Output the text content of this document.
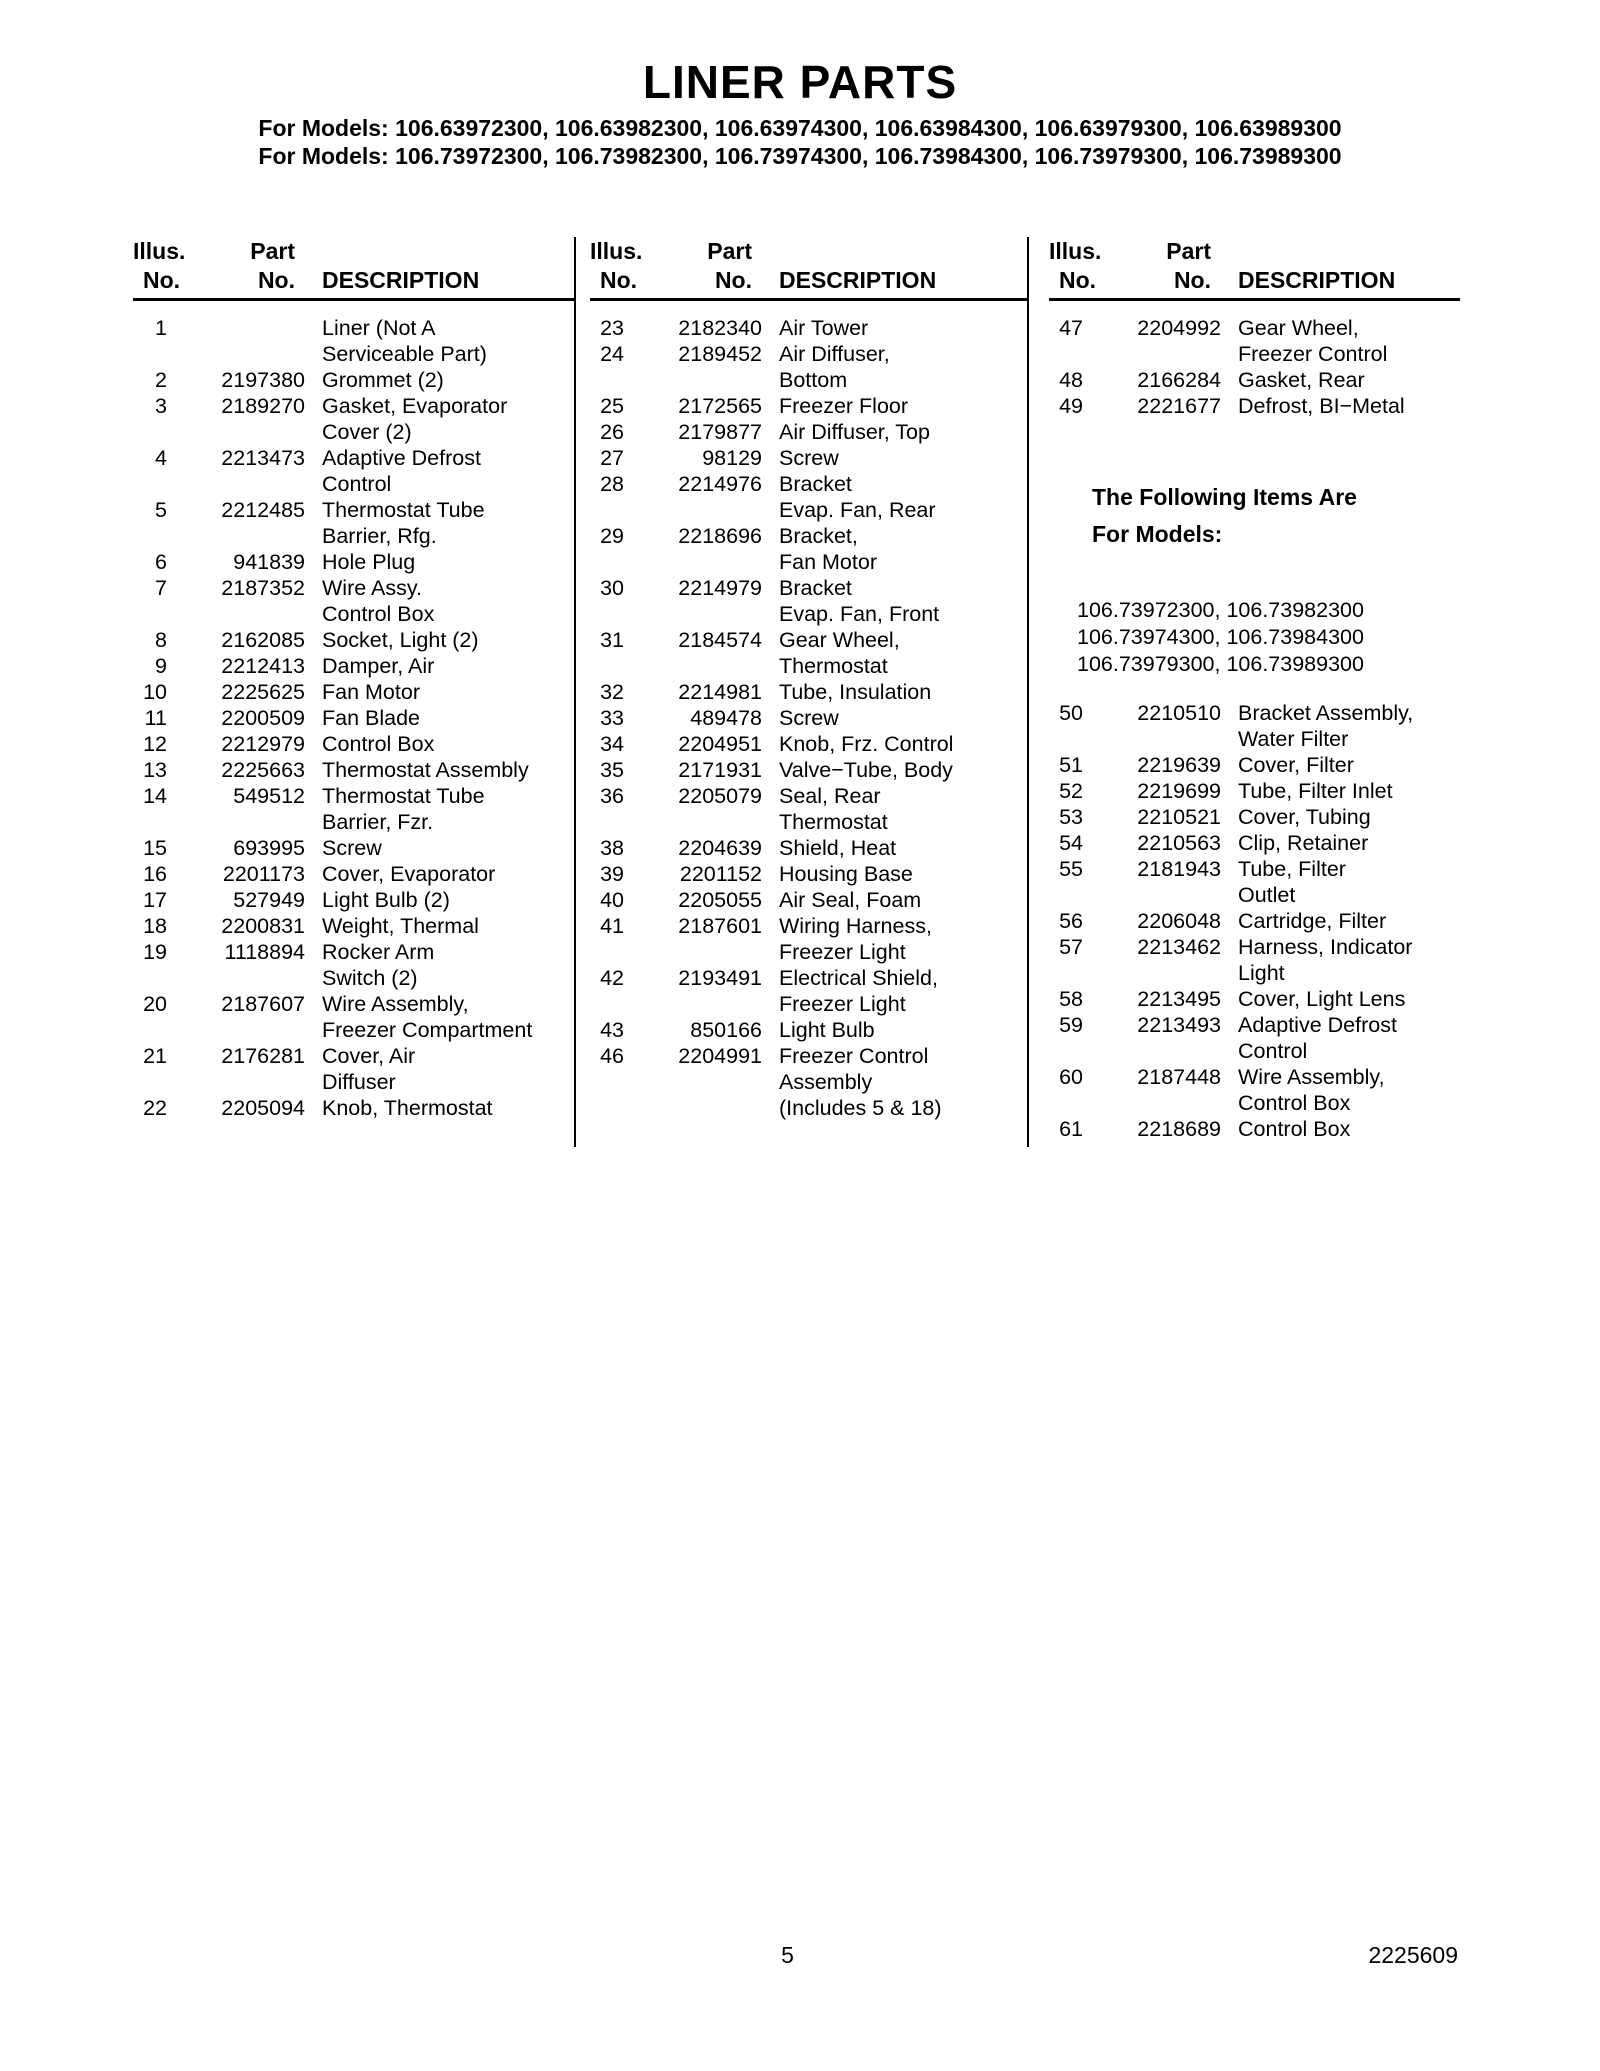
LINER PARTS
For Models: 106.63972300, 106.63982300, 106.63974300, 106.63984300, 106.63979300, 106.63989300
For Models: 106.73972300, 106.73982300, 106.73974300, 106.73984300, 106.73979300, 106.73989300
Illus.
No.
Part
No. DESCRIPTION
1	Liner (Not A
Serviceable Part)
2	2197380 Grommet (2)
3	2189270 Gasket, Evaporator
Cover (2)
4	2213473 Adaptive Defrost
Control
5	2212485 Thermostat Tube
Barrier, Rfg.
6	941839 Hole Plug
7	2187352 Wire Assy.
Control Box
8	2162085 Socket, Light (2)
9	2212413 Damper, Air
10	2225625 Fan Motor
11	2200509 Fan Blade
12	2212979 Control Box
13	2225663 Thermostat Assembly
14	549512 Thermostat Tube
Barrier, Fzr.
15	693995 Screw
16	2201173 Cover, Evaporator
17	527949 Light Bulb (2)
18	2200831 Weight, Thermal
19	1118894 Rocker Arm
Switch (2)
20	2187607 Wire Assembly,
Freezer Compartment
21	2176281 Cover, Air
Diffuser
22	2205094 Knob, Thermostat
Illus.
No.
Part
No. DESCRIPTION
23	2182340 Air Tower
24	2189452 Air Diffuser,
Bottom
25	2172565 Freezer Floor
26	2179877 Air Diffuser, Top
27	98129 Screw
28	2214976 Bracket
Evap. Fan, Rear
29	2218696 Bracket,
Fan Motor
30	2214979 Bracket
Evap. Fan, Front
31	2184574 Gear Wheel,
Thermostat
32	2214981 Tube, Insulation
33	489478 Screw
34	2204951 Knob, Frz. Control
35	2171931 Valve−Tube, Body
36	2205079 Seal, Rear
Thermostat
38	2204639 Shield, Heat
39	2201152 Housing Base
40	2205055 Air Seal, Foam
41	2187601 Wiring Harness,
Freezer Light
42	2193491 Electrical Shield,
Freezer Light
43	850166 Light Bulb
46	2204991 Freezer Control
Assembly
(Includes 5 & 18)
Illus.
No.
Part
No. DESCRIPTION
47	2204992 Gear Wheel,
Freezer Control
48	2166284 Gasket, Rear
49	2221677 Defrost, BI−Metal
The Following Items Are
For Models:
106.73972300, 106.73982300
106.73974300, 106.73984300
106.73979300, 106.73989300
50	2210510 Bracket Assembly,
Water Filter
51	2219639 Cover, Filter
52	2219699 Tube, Filter Inlet
53	2210521 Cover, Tubing
54	2210563 Clip, Retainer
55	2181943 Tube, Filter
Outlet
56	2206048 Cartridge, Filter
57	2213462 Harness, Indicator
Light
58	2213495 Cover, Light Lens
59	2213493 Adaptive Defrost
Control
60	2187448 Wire Assembly,
Control Box
61	2218689 Control Box
5	2225609
